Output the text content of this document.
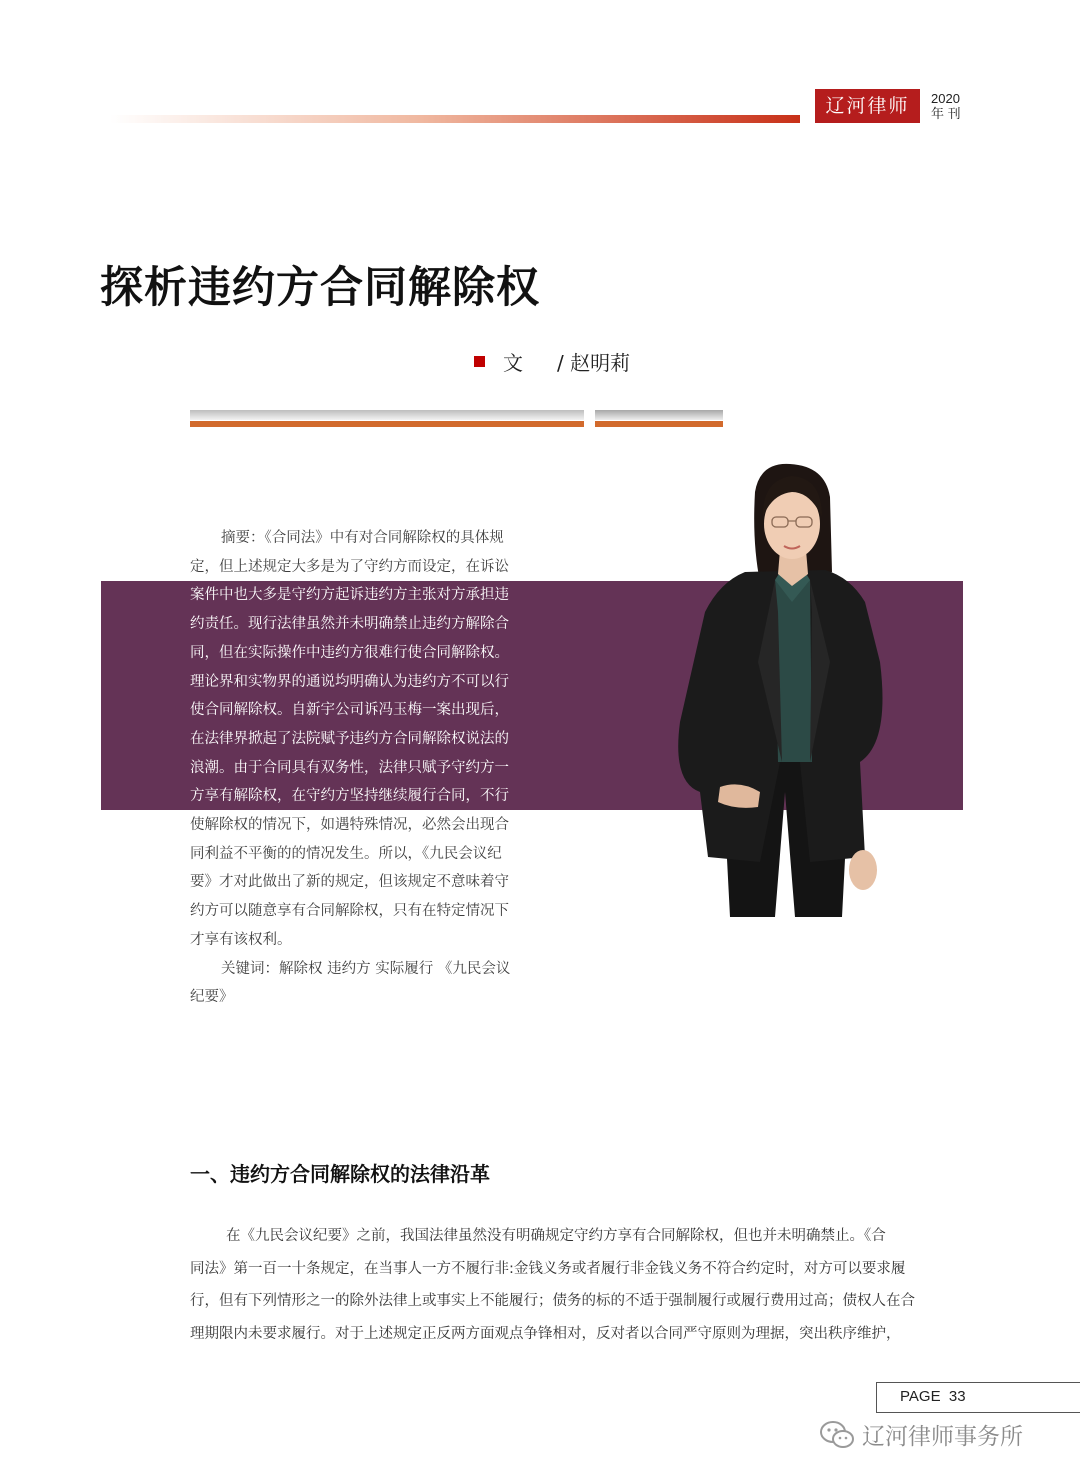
辽河律师	2020
年 刊
探析违约方合同解除权
文 / 赵明莉

摘要：《合同法》中有对合同解除权的具体规
定，但上述规定大多是为了守约方而设定，在诉讼
案件中也大多是守约方起诉违约方主张对方承担违
约责任。现行法律虽然并未明确禁止违约方解除合
同，但在实际操作中违约方很难行使合同解除权。
理论界和实物界的通说均明确认为违约方不可以行
使合同解除权。自新宇公司诉冯玉梅一案出现后，
在法律界掀起了法院赋予违约方合同解除权说法的
浪潮。由于合同具有双务性，法律只赋予守约方一
方享有解除权，在守约方坚持继续履行合同，不行
使解除权的情况下，如遇特殊情况，必然会出现合
同利益不平衡的的情况发生。所以，《九民会议纪
要》才对此做出了新的规定，但该规定不意味着守
约方可以随意享有合同解除权，只有在特定情况下
才享有该权利。

关键词：解除权 违约方 实际履行 《九民会议
纪要》

一、违约方合同解除权的法律沿革
在《九民会议纪要》之前，我国法律虽然没有明确规定守约方享有合同解除权，但也并未明确禁止。《合
同法》第一百一十条规定，在当事人一方不履行非:金钱义务或者履行非金钱义务不符合约定时，对方可以要求履
行，但有下列情形之一的除外法律上或事实上不能履行；债务的标的不适于强制履行或履行费用过高；债权人在合
理期限内未要求履行。对于上述规定正反两方面观点争锋相对，反对者以合同严守原则为理据，突出秩序维护，
PAGE 33
辽河律师事务所
